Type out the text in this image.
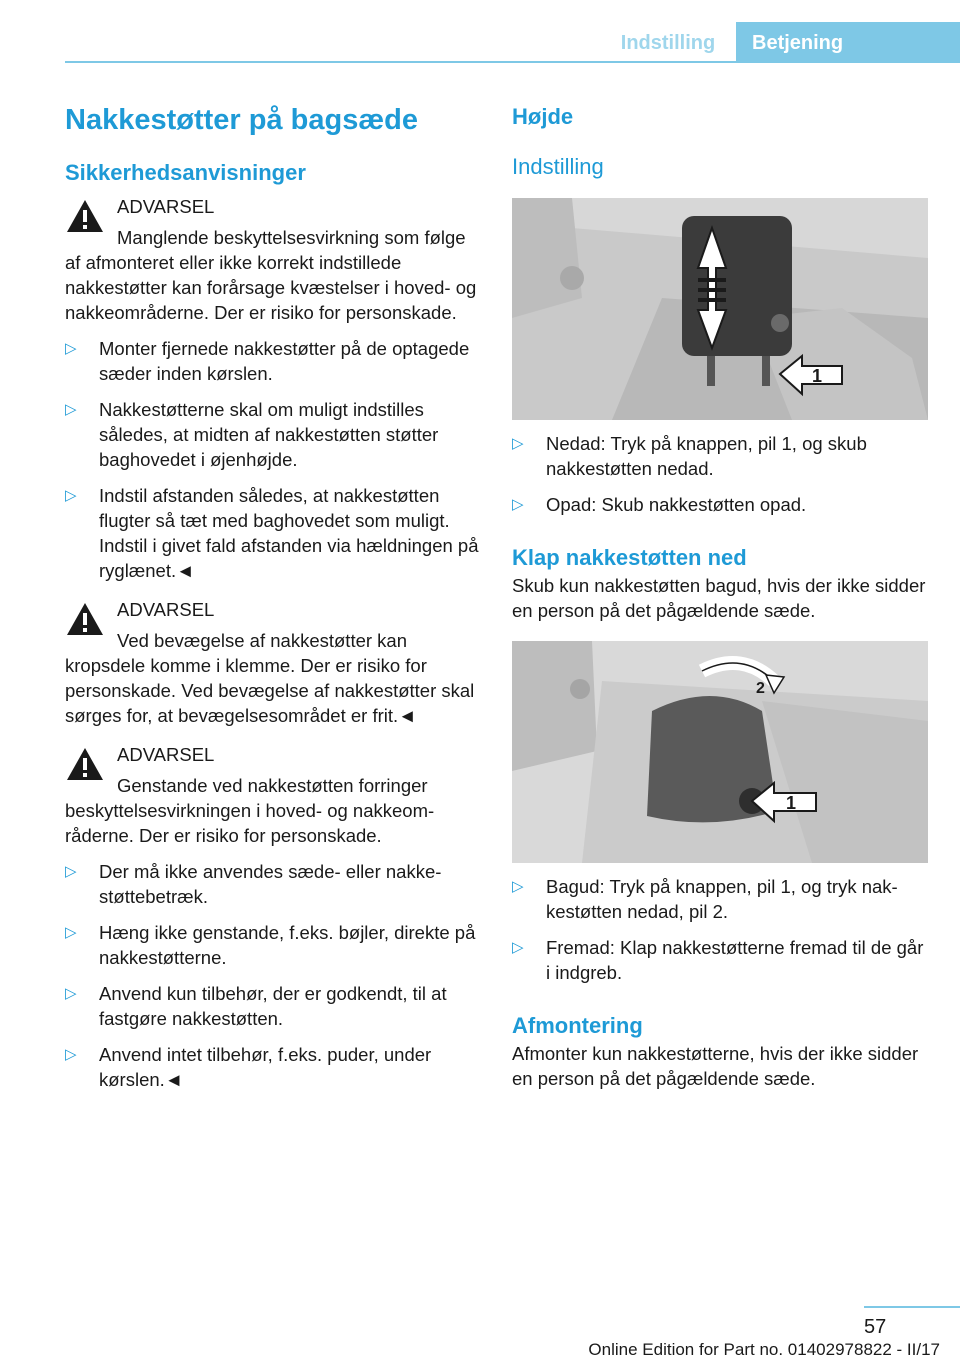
Indstilling	Betjening
Nakkestøtter på bagsæde
Sikkerhedsanvisninger
ADVARSEL
Manglende beskyttelsesvirkning som følge af afmonteret eller ikke korrekt indstillede nakkestøtter kan forårsage kvæstelser i hoved- og nakkeområderne. Der er risiko for personskade.
▷ Monter fjernede nakkestøtter på de optagede sæder inden kørslen.
▷ Nakkestøtterne skal om muligt indstilles således, at midten af nakkestøtten støtter baghovedet i øjenhøjde.
▷ Indstil afstanden således, at nakkestøtten flugter så tæt med baghovedet som muligt. Indstil i givet fald afstanden via hældningen på ryglænet.◄
ADVARSEL
Ved bevægelse af nakkestøtter kan kropsdele komme i klemme. Der er risiko for personskade. Ved bevægelse af nakkestøtter skal sørges for, at bevægelsesområdet er frit.◄
ADVARSEL
Genstande ved nakkestøtten forringer beskyttelsesvirkningen i hoved- og nakkeområderne. Der er risiko for personskade.
▷ Der må ikke anvendes sæde- eller nakkestøttebetræk.
▷ Hæng ikke genstande, f.eks. bøjler, direkte på nakkestøtterne.
▷ Anvend kun tilbehør, der er godkendt, til at fastgøre nakkestøtten.
▷ Anvend intet tilbehør, f.eks. puder, under kørslen.◄
Højde
Indstilling
1
▷ Nedad: Tryk på knappen, pil 1, og skub nakkestøtten nedad.
▷ Opad: Skub nakkestøtten opad.
Klap nakkestøtten ned

Skub kun nakkestøtten bagud, hvis der ikke sidder en person på det pågældende sæde.

2
1
▷ Bagud: Tryk på knappen, pil 1, og tryk nakkestøtten nedad, pil 2.
▷ Fremad: Klap nakkestøtterne fremad til de går i indgreb.
Afmontering

Afmonter kun nakkestøtterne, hvis der ikke sidder en person på det pågældende sæde.

57
Online Edition for Part no. 01402978822 - II/17
